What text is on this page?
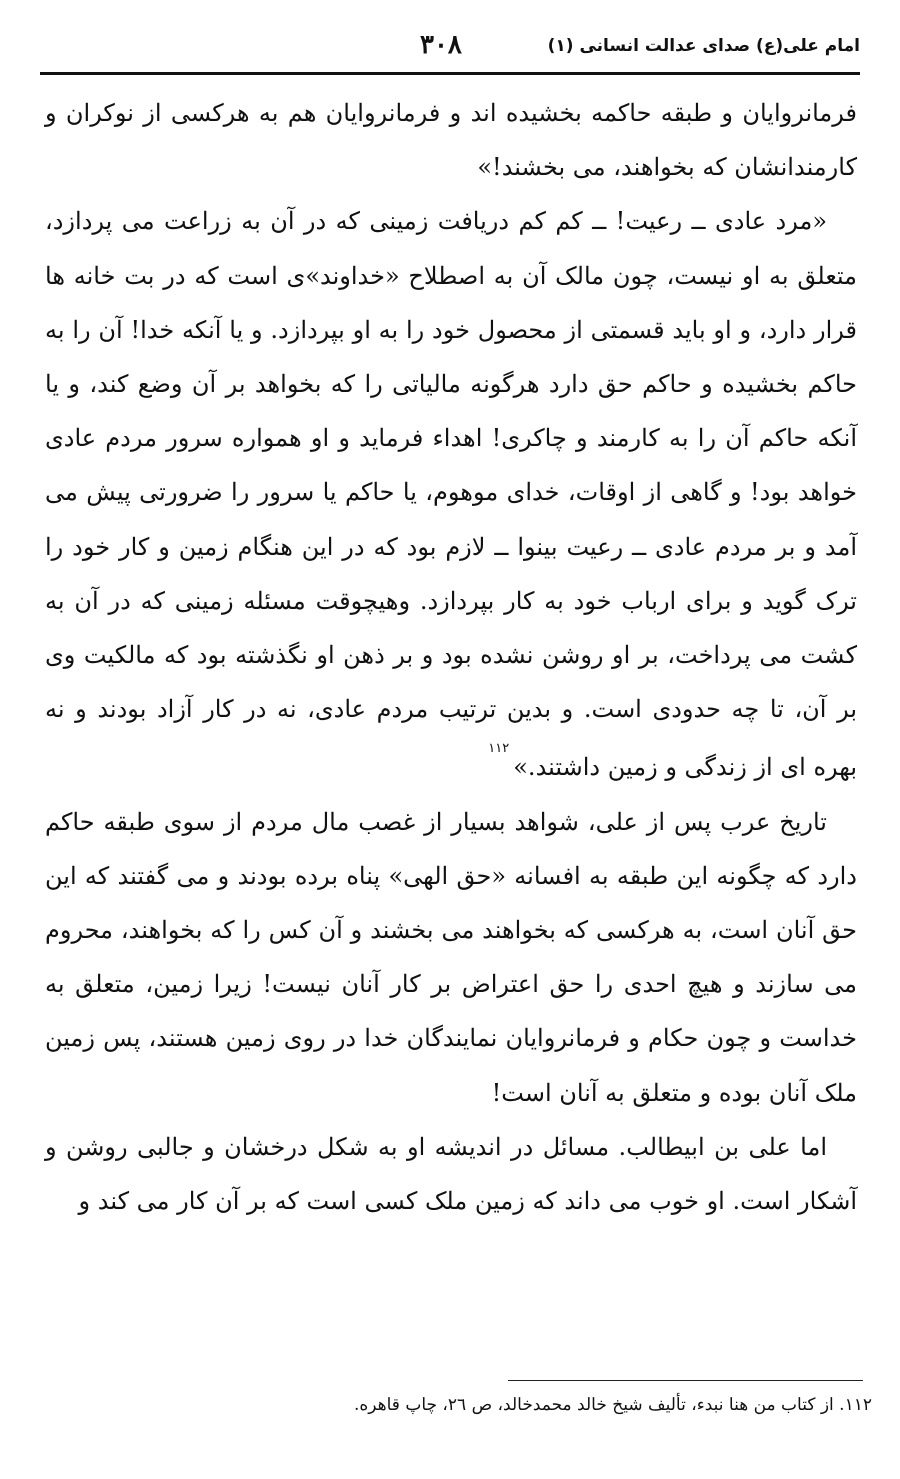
امام علی(ع) صدای عدالت انسانی (۱)
۳۰۸

فرمانروایان و طبقه حاکمه بخشیده اند و فرمانروایان هم به هرکسی از نوکران و کارمندانشان که بخواهند، می بخشند!»

«مرد عادی ــ رعیت! ــ کم کم دریافت زمینی که در آن به زراعت می پردازد، متعلق به او نیست، چون مالک آن به اصطلاح «خداوند»ی است که در بت خانه ها قرار دارد، و او باید قسمتی از محصول خود را به او بپردازد. و یا آنکه خدا! آن را به حاکم بخشیده و حاکم حق دارد هرگونه مالیاتی را که بخواهد بر آن وضع کند، و یا آنکه حاکم آن را به کارمند و چاکری! اهداء فرماید و او همواره سرور مردم عادی خواهد بود! و گاهی از اوقات، خدای موهوم، یا حاکم یا سرور را ضرورتی پیش می آمد و بر مردم عادی ــ رعیت بینوا ــ لازم بود که در این هنگام زمین و کار خود را ترک گوید و برای ارباب خود به کار بپردازد. وهیچوقت مسئله زمینی که در آن به کشت می پرداخت، بر او روشن نشده بود و بر ذهن او نگذشته بود که مالکیت وی بر آن، تا چه حدودی است. و بدین ترتیب مردم عادی، نه در کار آزاد بودند و نه بهره ای از زندگی و زمین داشتند.»$^{۱۱۲}$

تاریخ عرب پس از علی، شواهد بسیار از غصب مال مردم از سوی طبقه حاکم دارد که چگونه این طبقه به افسانه «حق الهی» پناه برده بودند و می گفتند که این حق آنان است، به هرکسی که بخواهند می بخشند و آن کس را که بخواهند، محروم می سازند و هیچ احدی را حق اعتراض بر کار آنان نیست! زیرا زمین، متعلق به خداست و چون حکام و فرمانروایان نمایندگان خدا در روی زمین هستند، پس زمین ملک آنان بوده و متعلق به آنان است!

اما علی بن ابیطالب. مسائل در اندیشه او به شکل درخشان و جالبی روشن و آشکار است. او خوب می داند که زمین ملک کسی است که بر آن کار می کند و

۱۱۲. از کتاب من هنا نبدء، تألیف شیخ خالد محمدخالد، ص ۲٦، چاپ قاهره.
